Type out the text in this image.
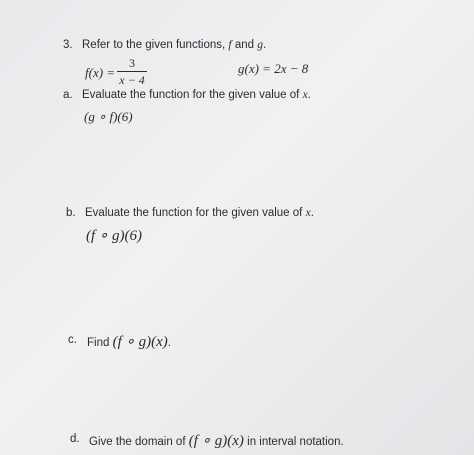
3. Refer to the given functions, f and g.
f(x) =
3
x − 4
g(x) = 2x − 8
a. Evaluate the function for the given value of x.
(g ∘ f)(6)
b. Evaluate the function for the given value of x.
(f ∘ g)(6)
c. Find (f ∘ g)(x).
d. Give the domain of (f ∘ g)(x) in interval notation.
